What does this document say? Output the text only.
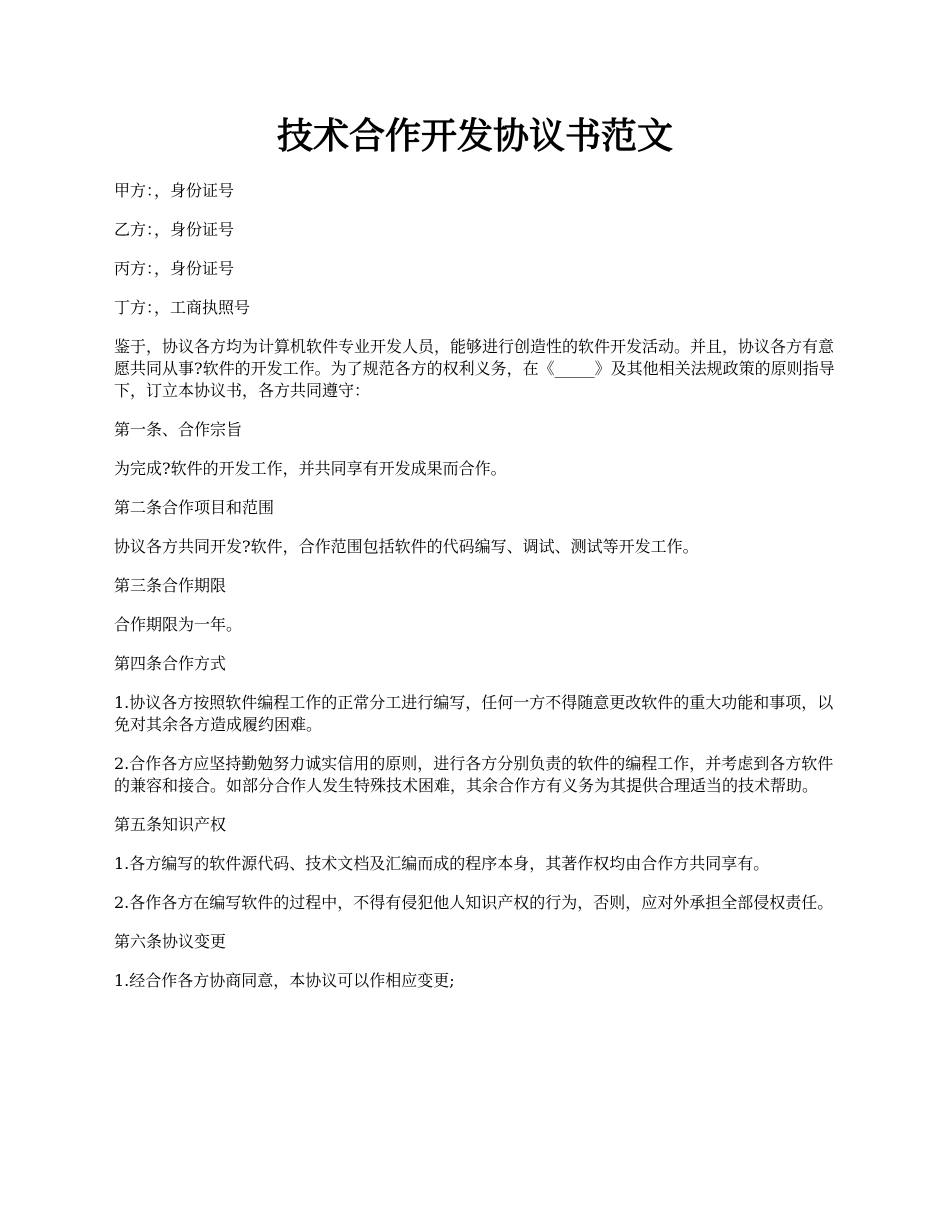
技术合作开发协议书范文

甲方：，身份证号

乙方：，身份证号

丙方：，身份证号

丁方：，工商执照号

鉴于，协议各方均为计算机软件专业开发人员，能够进行创造性的软件开发活动。并且，协议各方有意愿共同从事?软件的开发工作。为了规范各方的权利义务，在《_____》及其他相关法规政策的原则指导下，订立本协议书，各方共同遵守：

第一条、合作宗旨

为完成?软件的开发工作，并共同享有开发成果而合作。

第二条合作项目和范围

协议各方共同开发?软件，合作范围包括软件的代码编写、调试、测试等开发工作。

第三条合作期限

合作期限为一年。

第四条合作方式

1.协议各方按照软件编程工作的正常分工进行编写，任何一方不得随意更改软件的重大功能和事项，以免对其余各方造成履约困难。

2.合作各方应坚持勤勉努力诚实信用的原则，进行各方分别负责的软件的编程工作，并考虑到各方软件的兼容和接合。如部分合作人发生特殊技术困难，其余合作方有义务为其提供合理适当的技术帮助。

第五条知识产权

1.各方编写的软件源代码、技术文档及汇编而成的程序本身，其著作权均由合作方共同享有。

2.各作各方在编写软件的过程中，不得有侵犯他人知识产权的行为，否则，应对外承担全部侵权责任。

第六条协议变更

1.经合作各方协商同意，本协议可以作相应变更;
